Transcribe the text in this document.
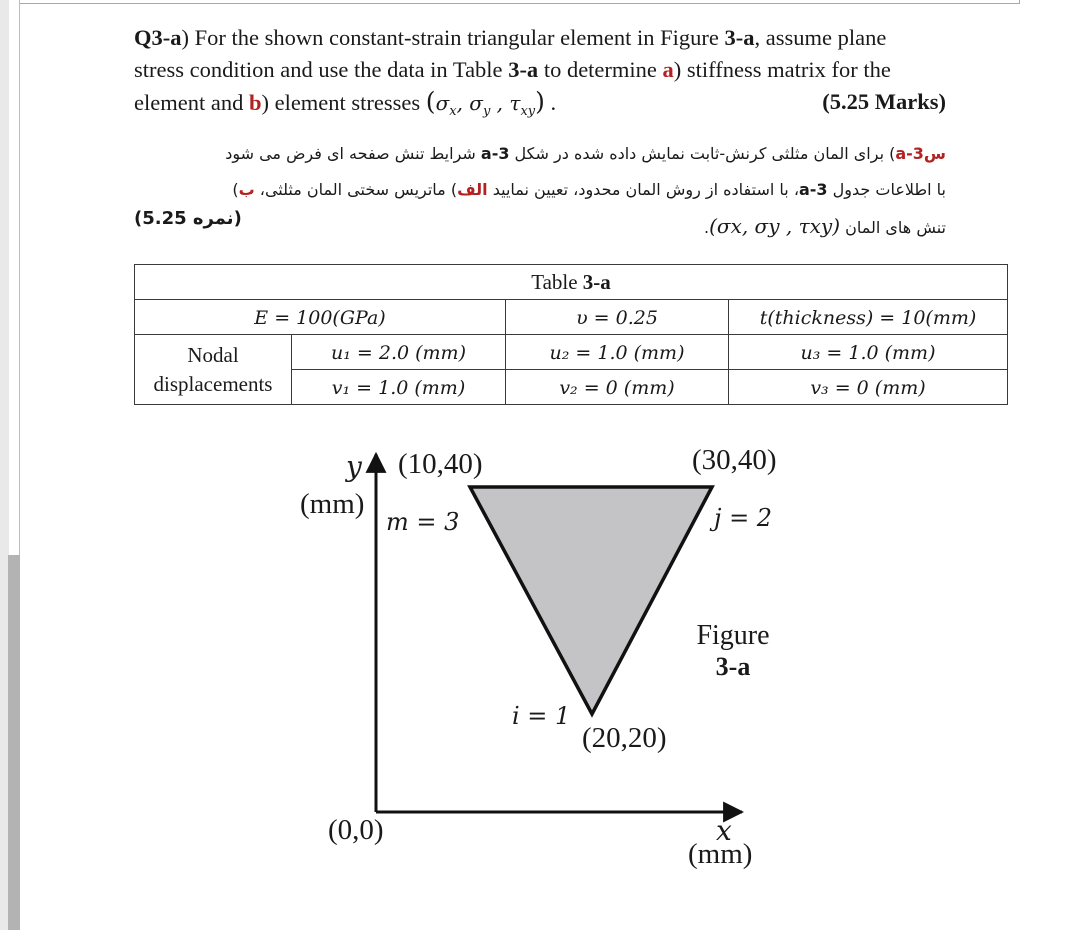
Q3-a) For the shown constant-strain triangular element in Figure 3-a, assume plane
stress condition and use the data in Table 3-a to determine a) stiffness matrix for the
element and b) element stresses ($\sigma_x$, $\sigma_y$ , $\tau_{xy}$) .	(5.25 Marks)
س3-a) برای المان مثلثی کرنش-ثابت نمایش داده شده در شکل 3-a شرایط تنش صفحه ای فرض می شود
با اطلاعات جدول 3-a، با استفاده از روش المان محدود، تعیین نمایید الف) ماتریس سختی المان مثلثی، ب)
تنش های المان (σx, σy , τxy).
(5.25 نمره)
Table 3-a			
E = 100(GPa)		υ = 0.25	t(thickness) = 10(mm)
Nodal
displacements	u₁ = 2.0 (mm)	u₂ = 1.0 (mm)	u₃ = 1.0 (mm)
	v₁ = 1.0 (mm)	v₂ = 0 (mm)	v₃ = 0 (mm)
y
(mm)
(10,40)	(30,40)
m = 3	j = 2
i = 1
(20,20)
(0,0)	x
(mm)
Figure
3-a
